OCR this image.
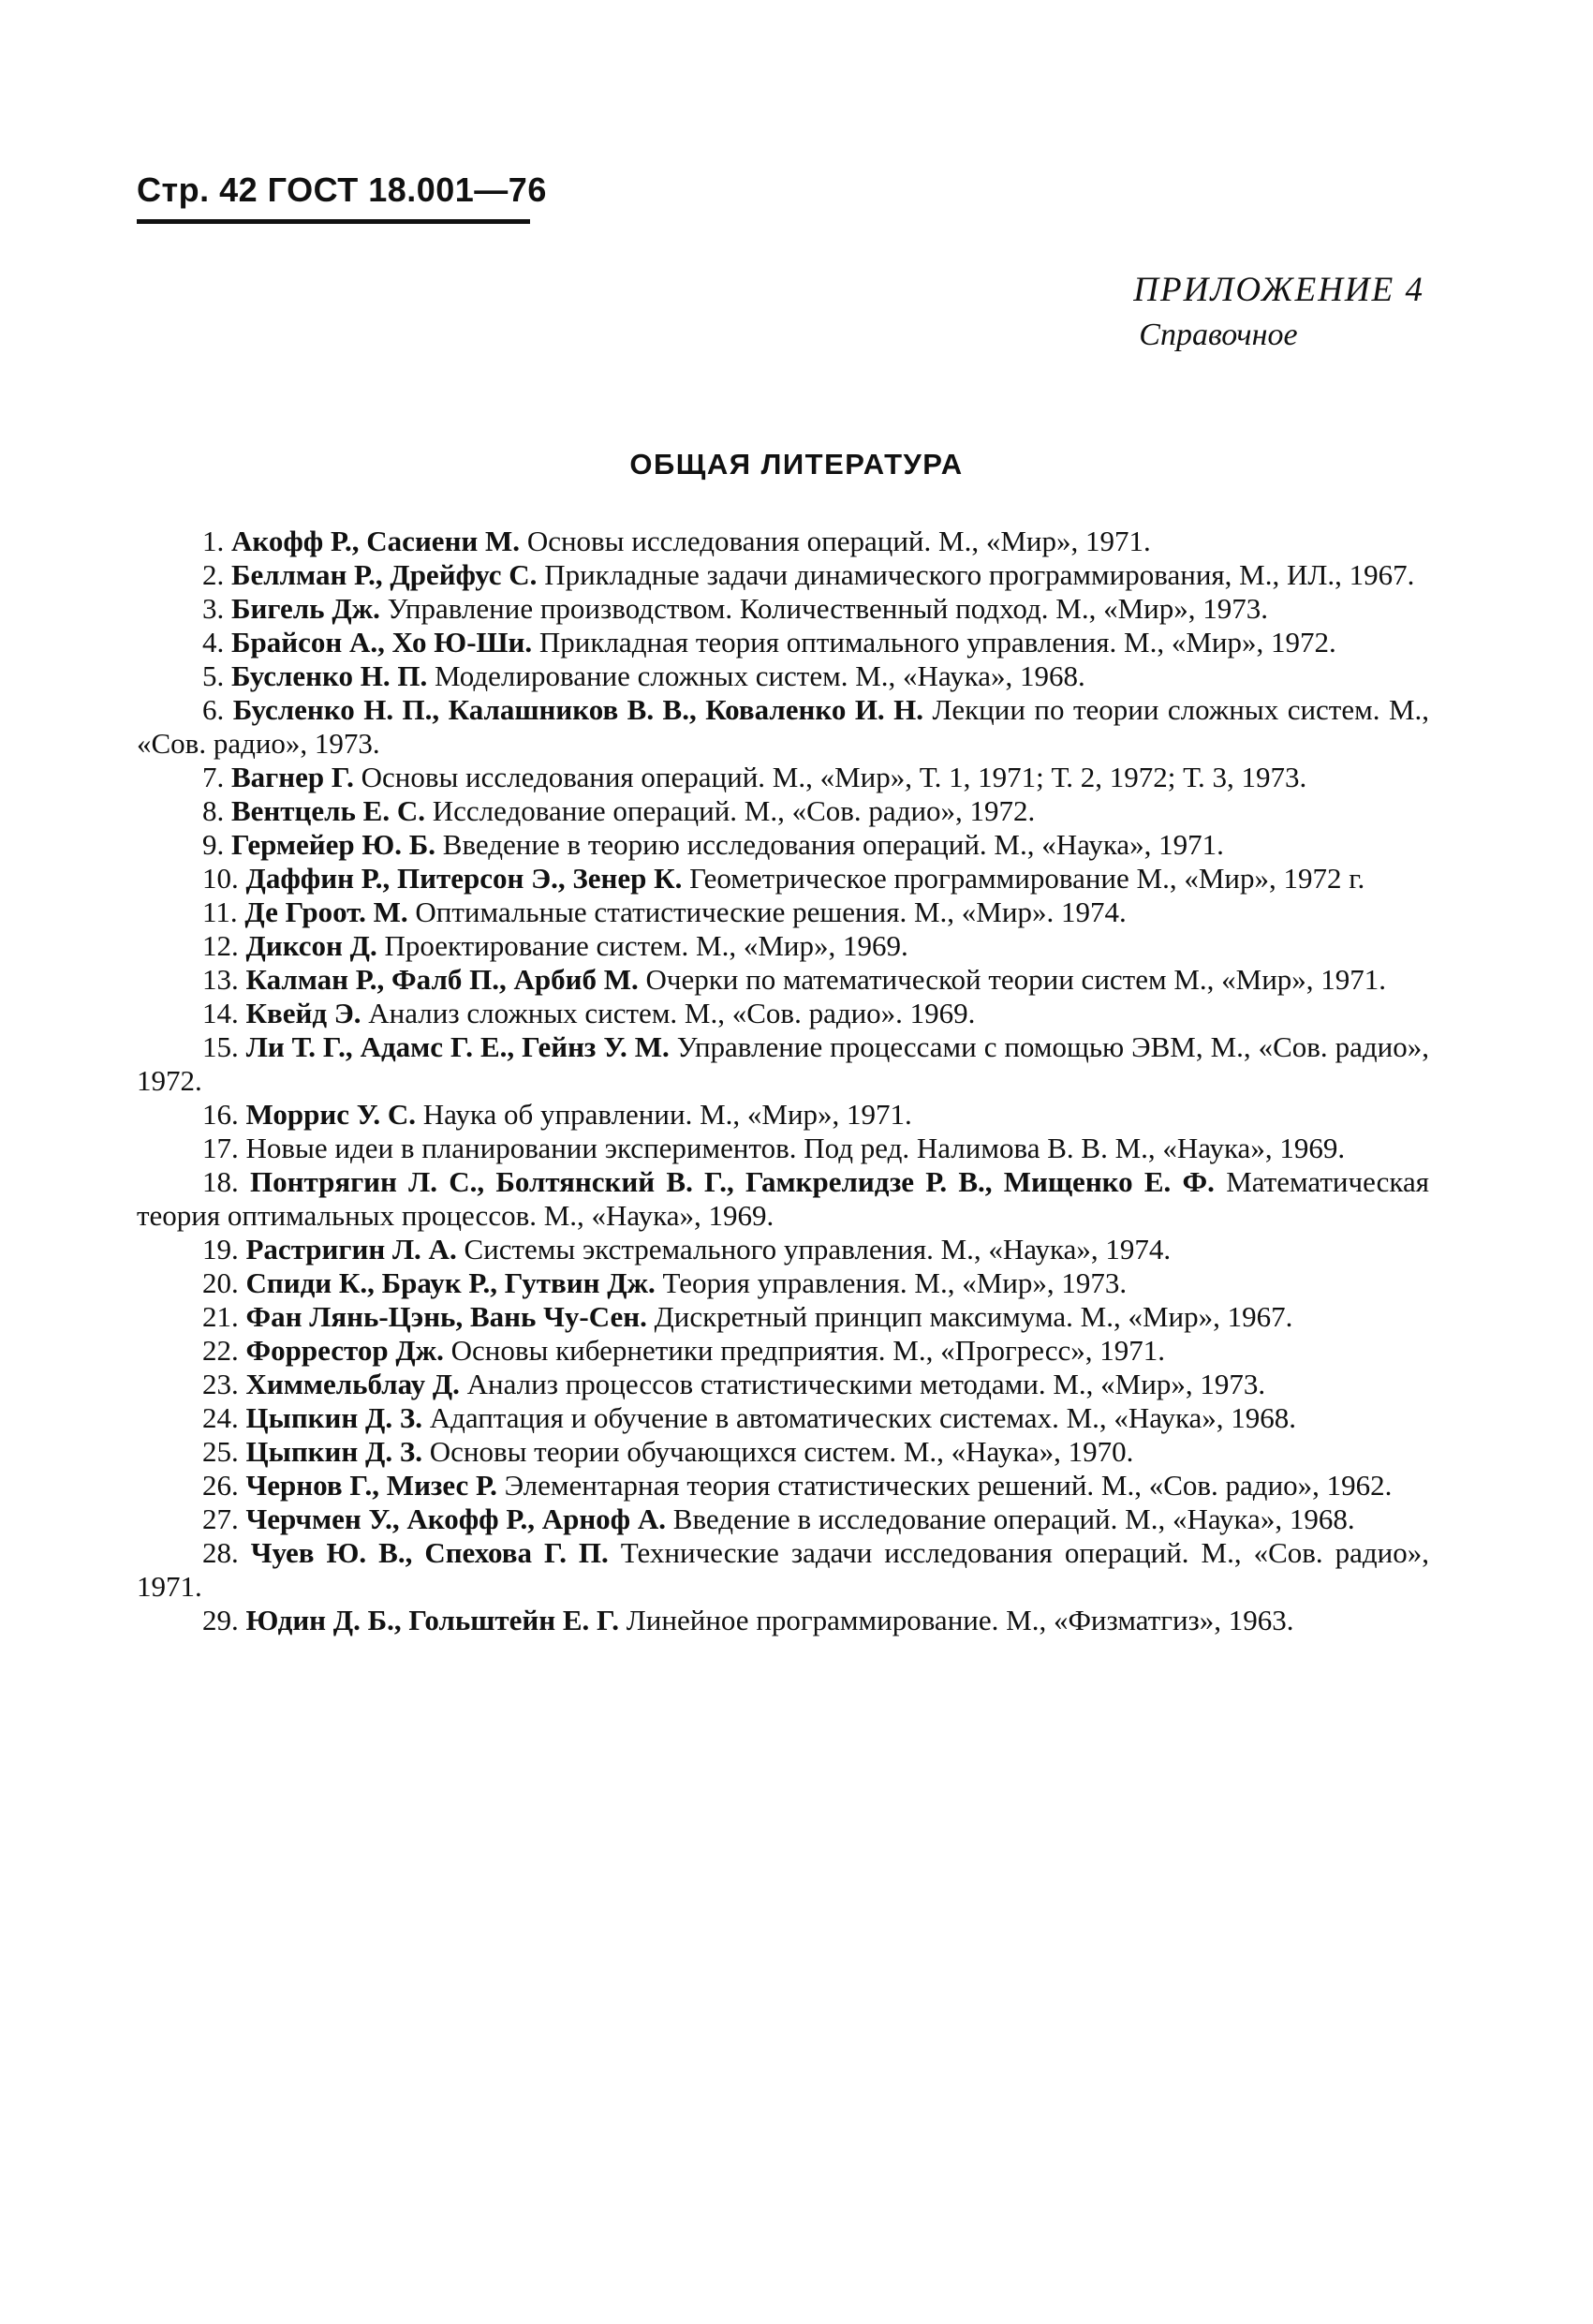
Стр. 42 ГОСТ 18.001—76
ПРИЛОЖЕНИЕ 4
Справочное
ОБЩАЯ ЛИТЕРАТУРА
1. Акофф Р., Сасиени М. Основы исследования операций. М., «Мир», 1971.
2. Беллман Р., Дрейфус С. Прикладные задачи динамического программирования, М., ИЛ., 1967.
3. Бигель Дж. Управление производством. Количественный подход. М., «Мир», 1973.
4. Брайсон А., Хо Ю-Ши. Прикладная теория оптимального управления. М., «Мир», 1972.
5. Бусленко Н. П. Моделирование сложных систем. М., «Наука», 1968.
6. Бусленко Н. П., Калашников В. В., Коваленко И. Н. Лекции по теории сложных систем. М., «Сов. радио», 1973.
7. Вагнер Г. Основы исследования операций. М., «Мир», Т. 1, 1971; Т. 2, 1972; Т. 3, 1973.
8. Вентцель Е. С. Исследование операций. М., «Сов. радио», 1972.
9. Гермейер Ю. Б. Введение в теорию исследования операций. М., «Наука», 1971.
10. Даффин Р., Питерсон Э., Зенер К. Геометрическое программирование М., «Мир», 1972 г.
11. Де Гроот. М. Оптимальные статистические решения. М., «Мир». 1974.
12. Диксон Д. Проектирование систем. М., «Мир», 1969.
13. Калман Р., Фалб П., Арбиб М. Очерки по математической теории систем М., «Мир», 1971.
14. Квейд Э. Анализ сложных систем. М., «Сов. радио». 1969.
15. Ли Т. Г., Адамс Г. Е., Гейнз У. М. Управление процессами с помощью ЭВМ, М., «Сов. радио», 1972.
16. Моррис У. С. Наука об управлении. М., «Мир», 1971.
17. Новые идеи в планировании экспериментов. Под ред. Налимова В. В. М., «Наука», 1969.
18. Понтрягин Л. С., Болтянский В. Г., Гамкрелидзе Р. В., Мищенко Е. Ф. Математическая теория оптимальных процессов. М., «Наука», 1969.
19. Растригин Л. А. Системы экстремального управления. М., «Наука», 1974.
20. Спиди К., Браук Р., Гутвин Дж. Теория управления. М., «Мир», 1973.
21. Фан Лянь-Цэнь, Вань Чу-Сен. Дискретный принцип максимума. М., «Мир», 1967.
22. Форрестор Дж. Основы кибернетики предприятия. М., «Прогресс», 1971.
23. Химмельблау Д. Анализ процессов статистическими методами. М., «Мир», 1973.
24. Цыпкин Д. З. Адаптация и обучение в автоматических системах. М., «Наука», 1968.
25. Цыпкин Д. З. Основы теории обучающихся систем. М., «Наука», 1970.
26. Чернов Г., Мизес Р. Элементарная теория статистических решений. М., «Сов. радио», 1962.
27. Черчмен У., Акофф Р., Арноф А. Введение в исследование операций. М., «Наука», 1968.
28. Чуев Ю. В., Спехова Г. П. Технические задачи исследования операций. М., «Сов. радио», 1971.
29. Юдин Д. Б., Гольштейн Е. Г. Линейное программирование. М., «Физматгиз», 1963.
